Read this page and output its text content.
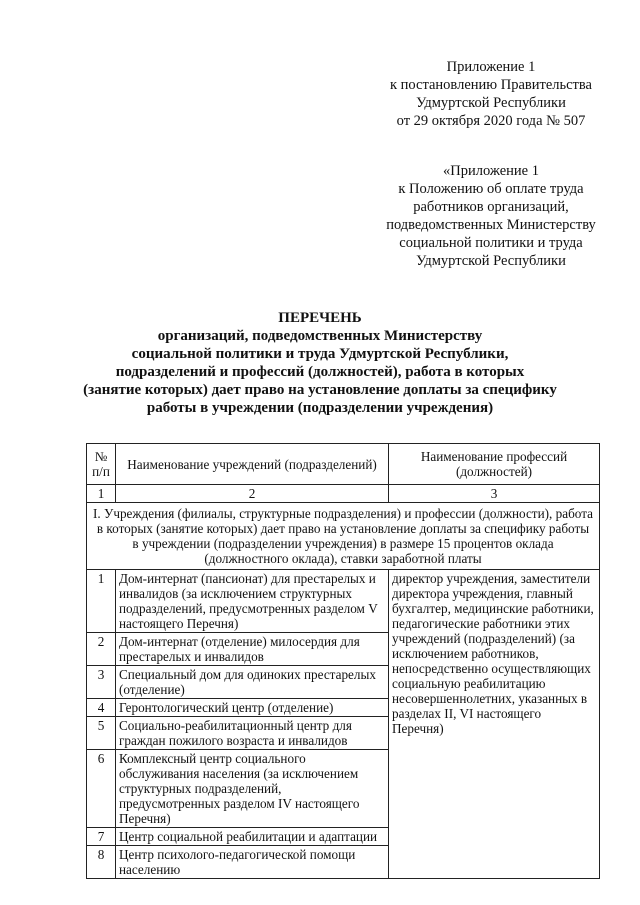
Приложение 1
к постановлению Правительства
Удмуртской Республики
от 29 октября 2020 года № 507
«Приложение 1
к Положению об оплате труда
работников организаций,
подведомственных Министерству
социальной политики и труда
Удмуртской Республики
ПЕРЕЧЕНЬ
организаций, подведомственных Министерству
социальной политики и труда Удмуртской Республики,
подразделений и профессий (должностей), работа в которых
(занятие которых) дает право на установление доплаты за специфику
работы в учреждении (подразделении учреждения)
№ п/п	Наименование учреждений (подразделений)	Наименование профессий (должностей)
1	2	3
I. Учреждения (филиалы, структурные подразделения) и профессии (должности), работа в которых (занятие которых) дает право на установление доплаты за специфику работы в учреждении (подразделении учреждения) в размере 15 процентов оклада (должностного оклада), ставки заработной платы		
1	Дом-интернат (пансионат) для престарелых и инвалидов (за исключением структурных подразделений, предусмотренных разделом V настоящего Перечня)	директор учреждения, заместители директора учреждения, главный бухгалтер, медицинские работники, педагогические работники этих учреждений (подразделений) (за исключением работников, непосредственно осуществляющих социальную реабилитацию несовершеннолетних, указанных в разделах II, VI настоящего Перечня)
2	Дом-интернат (отделение) милосердия для престарелых и инвалидов	
3	Специальный дом для одиноких престарелых (отделение)	
4	Геронтологический центр (отделение)	
5	Социально-реабилитационный центр для граждан пожилого возраста и инвалидов	
6	Комплексный центр социального обслуживания населения (за исключением структурных подразделений, предусмотренных разделом IV настоящего Перечня)	
7	Центр социальной реабилитации и адаптации	
8	Центр психолого-педагогической помощи населению	
